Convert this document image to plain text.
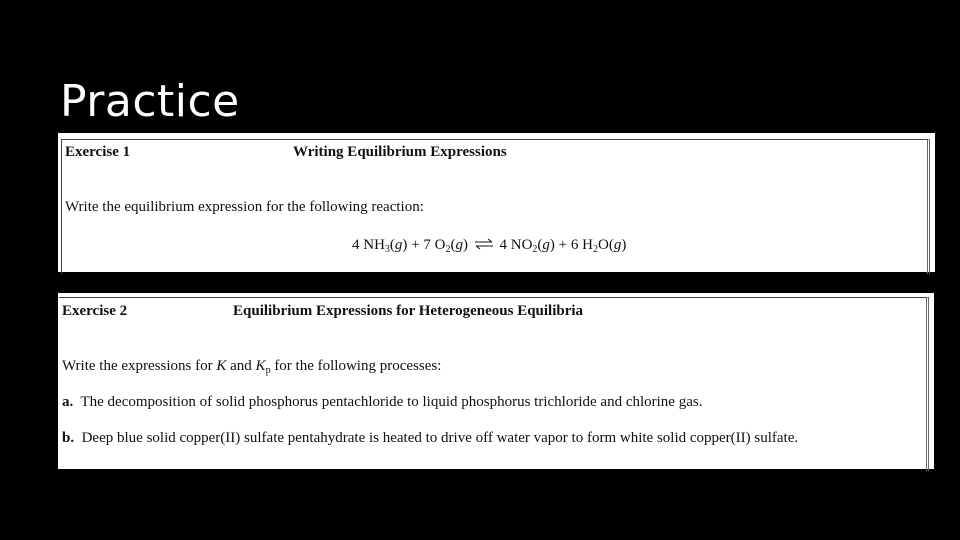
Practice
Exercise 1	Writing Equilibrium Expressions
Write the equilibrium expression for the following reaction:
4 $NH_3(g) + 7$ $O_2(g)$ ⇌ 4 $NO_2(g) + 6$ $H_2O(g)$
Exercise 2	Equilibrium Expressions for Heterogeneous Equilibria
Write the expressions for K and $K_p$ for the following processes:
a. The decomposition of solid phosphorus pentachloride to liquid phosphorus trichloride and chlorine gas.
b. Deep blue solid copper(II) sulfate pentahydrate is heated to drive off water vapor to form white solid copper(II) sulfate.
